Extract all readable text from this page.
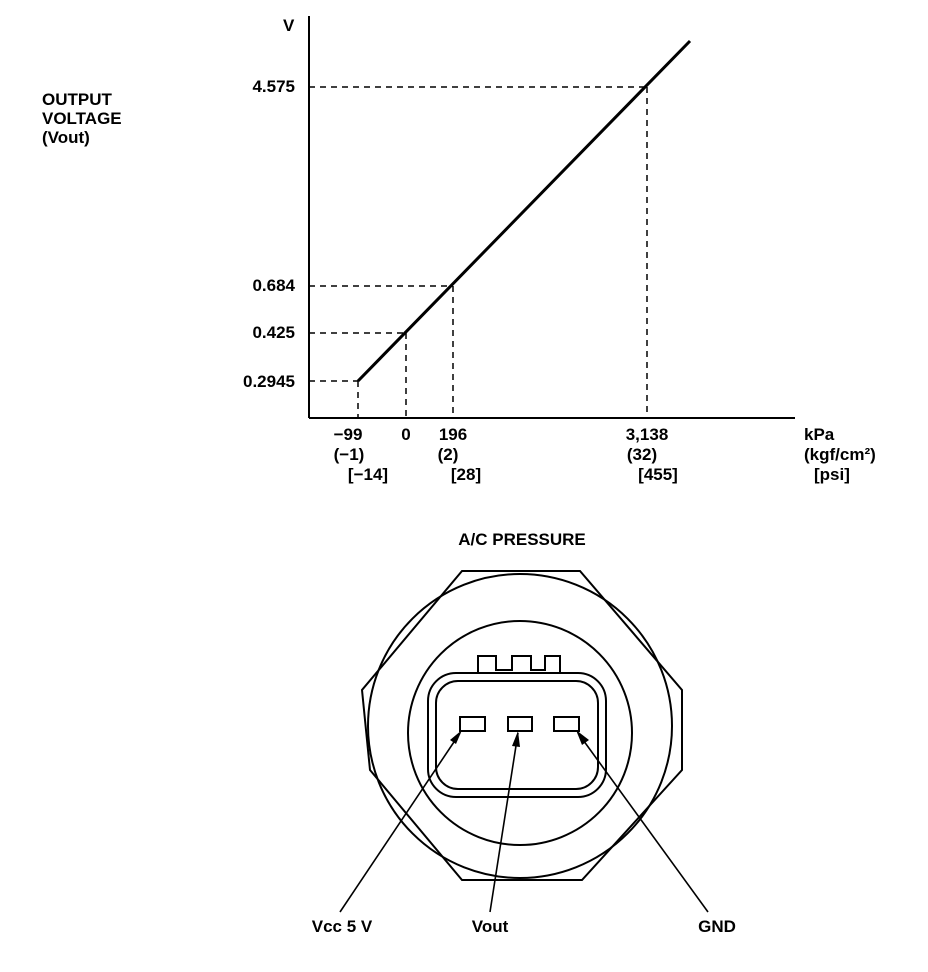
OUTPUT
VOLTAGE
(Vout)
V
4.575
0.684
0.425
0.2945
−99
(−1)
[−14]
0 196
(2)
[28]
3,138
(32)
[455]
kPa
(kgf/cm²)
[psi]
A/C PRESSURE
Vcc 5 V	Vout	GND
